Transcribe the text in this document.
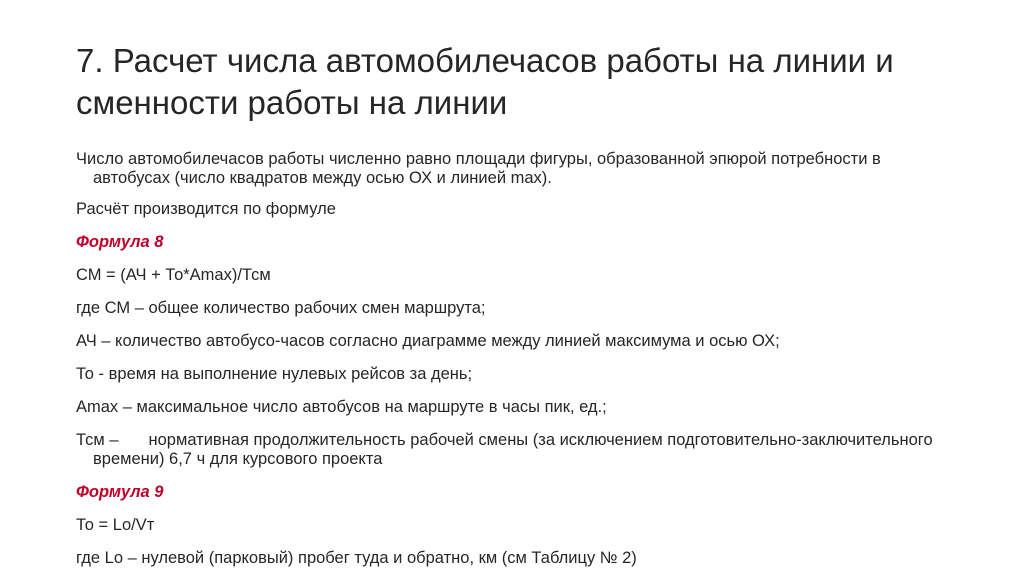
7. Расчет числа автомобилечасов работы на линии и сменности работы на линии

Число автомобилечасов работы численно равно площади фигуры, образованной эпюрой потребности в автобусах (число квадратов между осью ОХ и линией max).

Расчёт производится по формуле

Формула 8

СМ = (АЧ + То*Аmax)/Тсм

где СМ – общее количество рабочих смен маршрута;

АЧ – количество автобусо-часов согласно диаграмме между линией максимума и осью ОХ;

То - время на выполнение нулевых рейсов за день;

Аmax – максимальное число автобусов на маршруте в часы пик, ед.;

Тсм – нормативная продолжительность рабочей смены (за исключением подготовительно-заключительного времени) 6,7 ч для курсового проекта

Формула 9

То = Lо/Vт

где Lо – нулевой (парковый) пробег туда и обратно, км (см Таблицу № 2)
